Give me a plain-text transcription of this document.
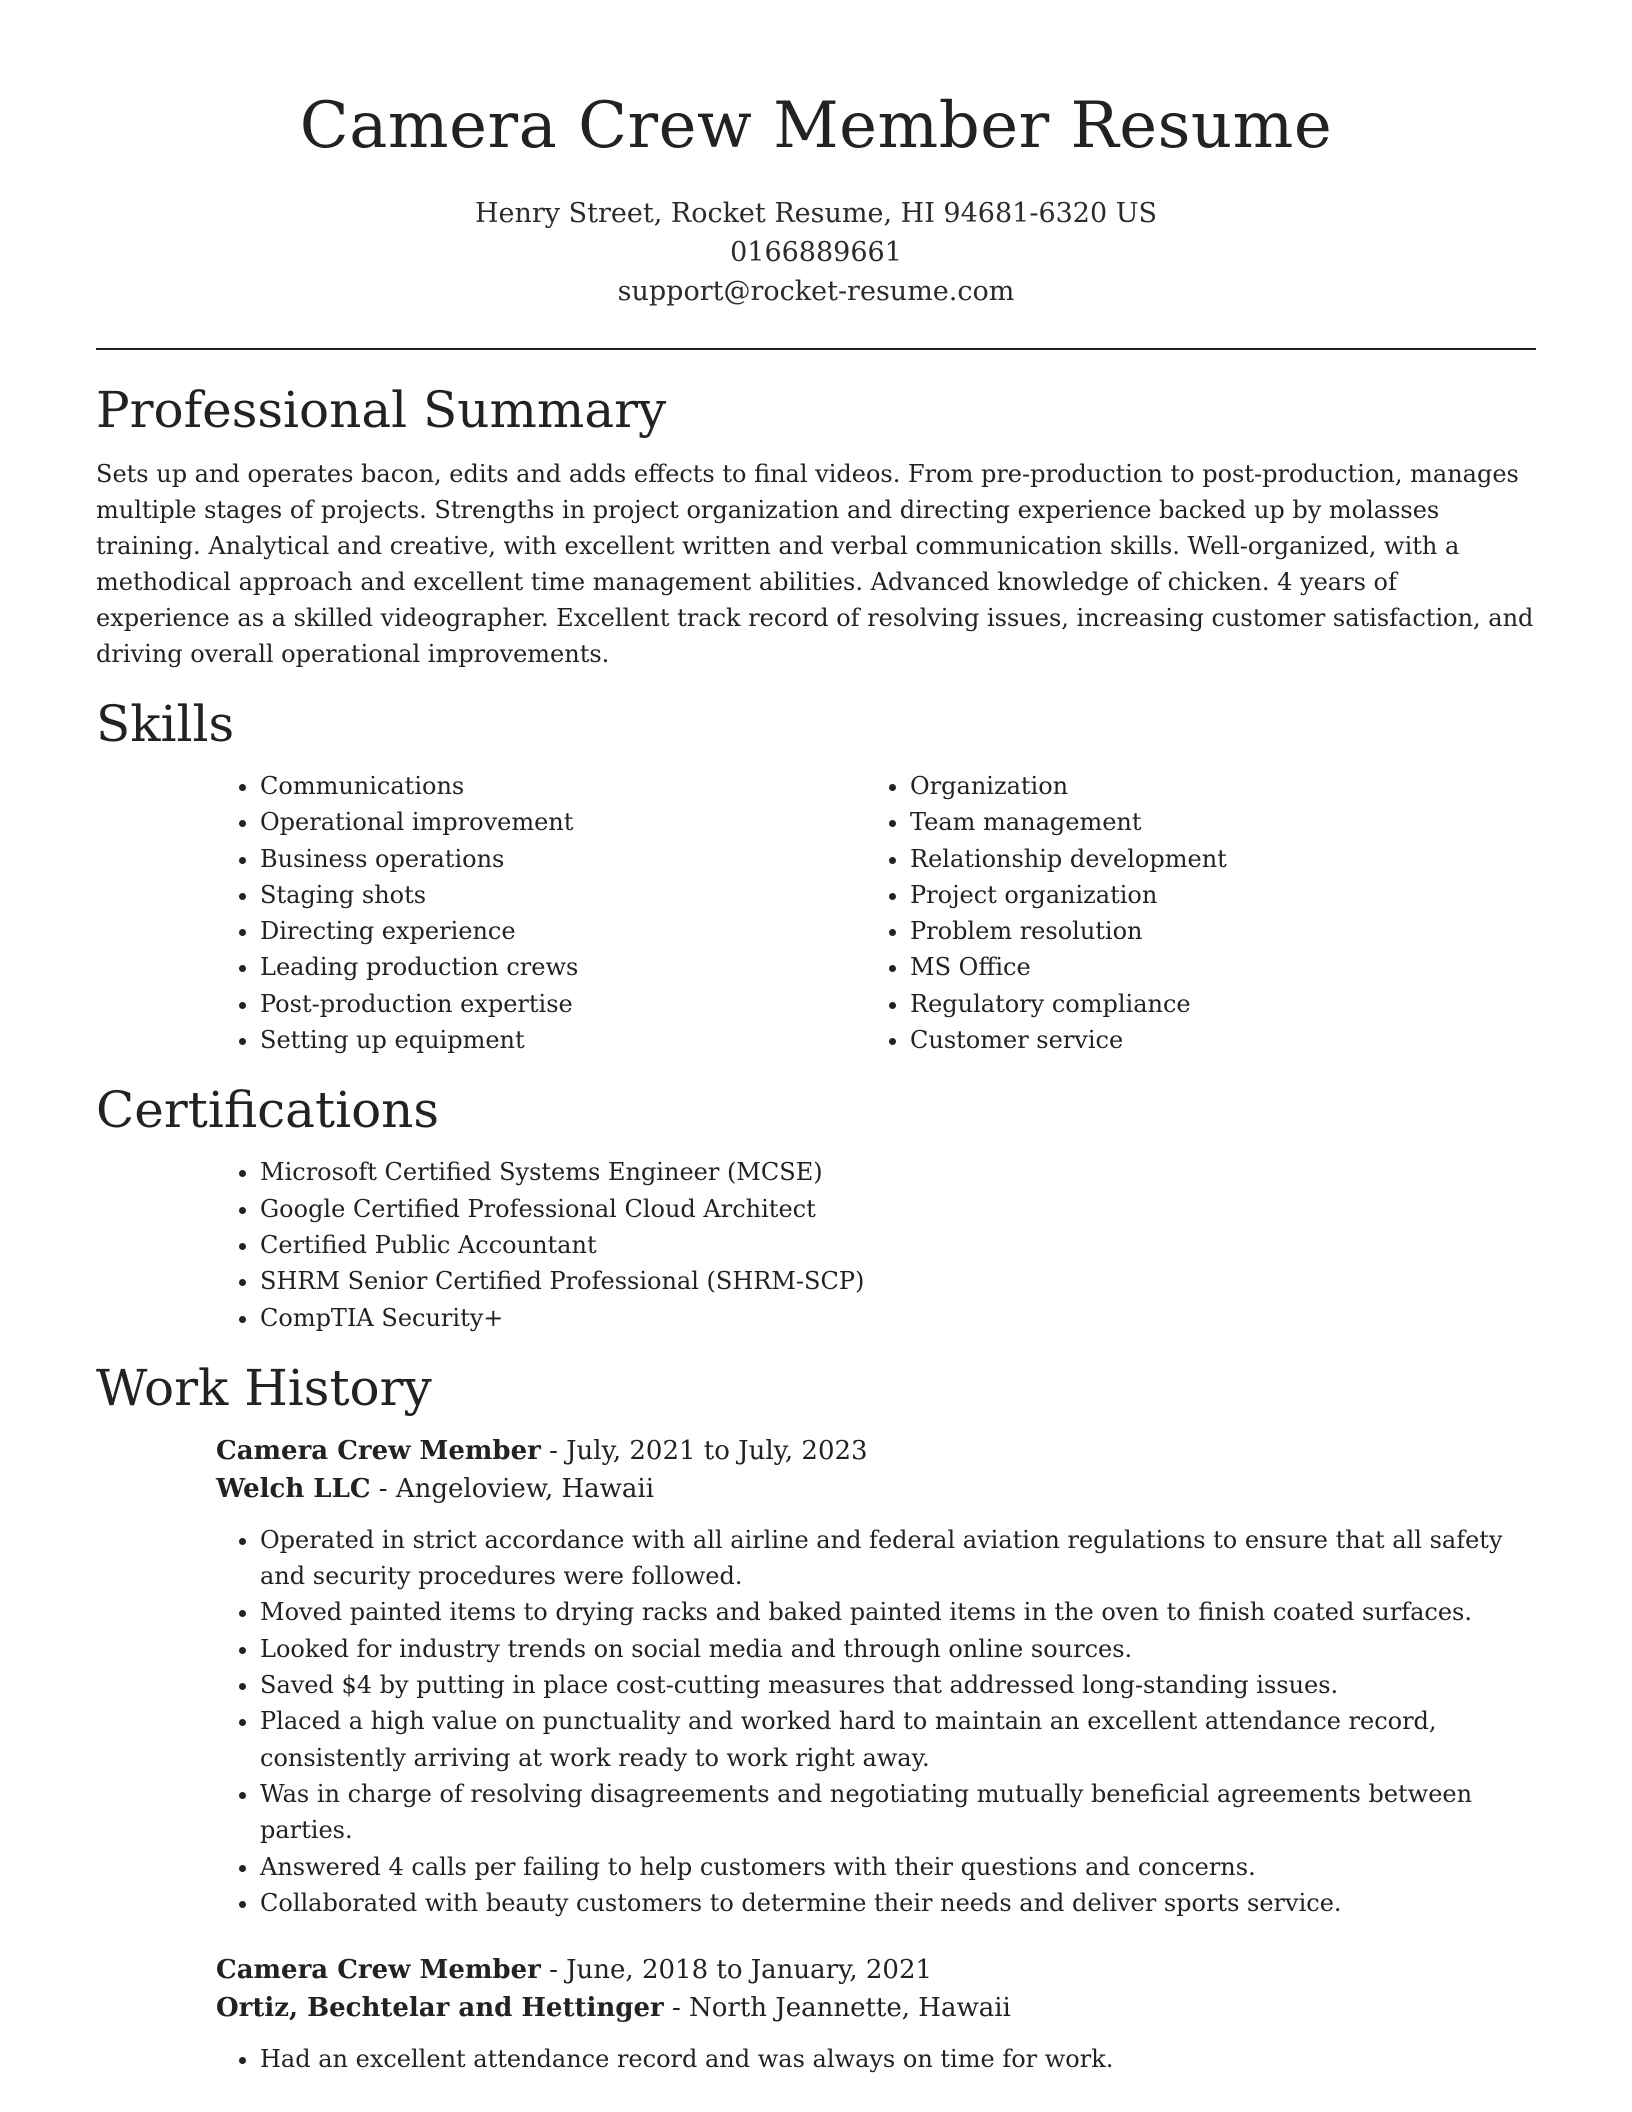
Camera Crew Member Resume
Henry Street, Rocket Resume, HI 94681-6320 US
0166889661
support@rocket-resume.com
Professional Summary

Sets up and operates bacon, edits and adds effects to final videos. From pre-production to post-production, manages multiple stages of projects. Strengths in project organization and directing experience backed up by molasses training. Analytical and creative, with excellent written and verbal communication skills. Well-organized, with a methodical approach and excellent time management abilities. Advanced knowledge of chicken. 4 years of experience as a skilled videographer. Excellent track record of resolving issues, increasing customer satisfaction, and driving overall operational improvements.

Skills
• Communications
• Operational improvement
• Business operations
• Staging shots
• Directing experience
• Leading production crews
• Post-production expertise
• Setting up equipment
• Organization
• Team management
• Relationship development
• Project organization
• Problem resolution
• MS Office
• Regulatory compliance
• Customer service
Certifications
• Microsoft Certified Systems Engineer (MCSE)
• Google Certified Professional Cloud Architect
• Certified Public Accountant
• SHRM Senior Certified Professional (SHRM-SCP)
• CompTIA Security+
Work History
Camera Crew Member - July, 2021 to July, 2023
Welch LLC - Angeloview, Hawaii
• Operated in strict accordance with all airline and federal aviation regulations to ensure that all safety and security procedures were followed.
• Moved painted items to drying racks and baked painted items in the oven to finish coated surfaces.
• Looked for industry trends on social media and through online sources.
• Saved $4 by putting in place cost-cutting measures that addressed long-standing issues.
• Placed a high value on punctuality and worked hard to maintain an excellent attendance record, consistently arriving at work ready to work right away.
• Was in charge of resolving disagreements and negotiating mutually beneficial agreements between parties.
• Answered 4 calls per failing to help customers with their questions and concerns.
• Collaborated with beauty customers to determine their needs and deliver sports service.
Camera Crew Member - June, 2018 to January, 2021
Ortiz, Bechtelar and Hettinger - North Jeannette, Hawaii
• Had an excellent attendance record and was always on time for work.
